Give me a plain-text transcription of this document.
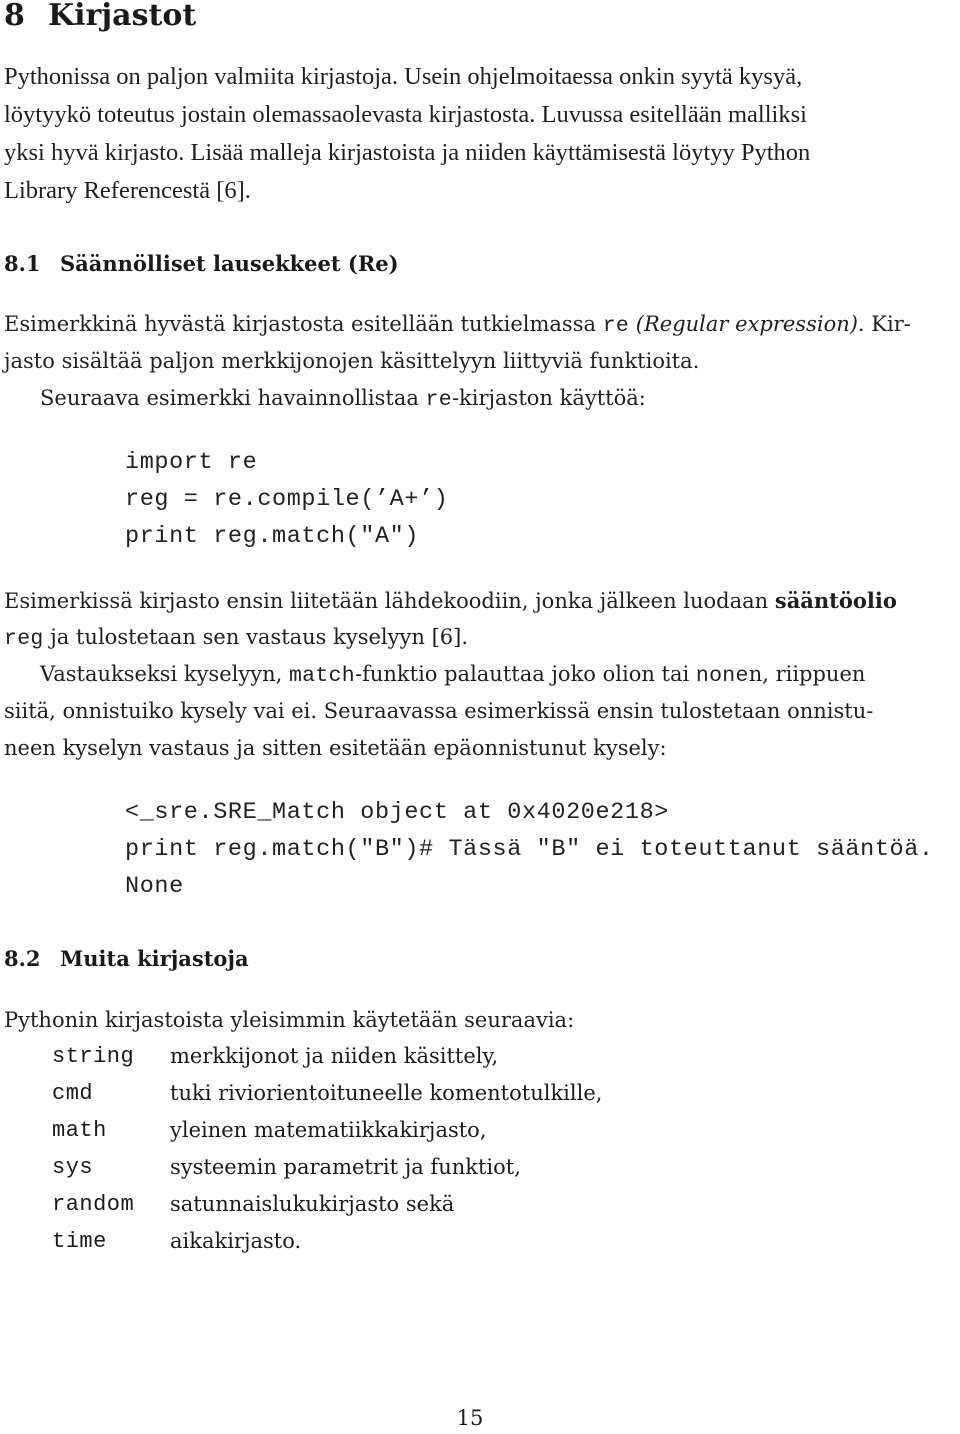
8 Kirjastot
Pythonissa on paljon valmiita kirjastoja. Usein ohjelmoitaessa onkin syytä kysyä,
löytyykö toteutus jostain olemassaolevasta kirjastosta. Luvussa esitellään malliksi
yksi hyvä kirjasto. Lisää malleja kirjastoista ja niiden käyttämisestä löytyy Python
Library Referencestä [6].
8.1 Säännölliset lausekkeet (Re)
Esimerkkinä hyvästä kirjastosta esitellään tutkielmassa re (Regular expression). Kir-
jasto sisältää paljon merkkijonojen käsittelyyn liittyviä funktioita.
Seuraava esimerkki havainnollistaa re-kirjaston käyttöä:
import re
reg = re.compile(’A+’)
print reg.match("A")
Esimerkissä kirjasto ensin liitetään lähdekoodiin, jonka jälkeen luodaan sääntöolio
reg ja tulostetaan sen vastaus kyselyyn [6].
Vastaukseksi kyselyyn, match-funktio palauttaa joko olion tai nonen, riippuen
siitä, onnistuiko kysely vai ei. Seuraavassa esimerkissä ensin tulostetaan onnistu-
neen kyselyn vastaus ja sitten esitetään epäonnistunut kysely:
<_sre.SRE_Match object at 0x4020e218>
print reg.match("B")# Tässä "B" ei toteuttanut sääntöä.
None
8.2 Muita kirjastoja
Pythonin kirjastoista yleisimmin käytetään seuraavia:
string merkkijonot ja niiden käsittely,
cmd	tuki riviorientoituneelle komentotulkille,
math	yleinen matematiikkakirjasto,
sys	systeemin parametrit ja funktiot,
random satunnaislukukirjasto sekä
time	aikakirjasto.
15
